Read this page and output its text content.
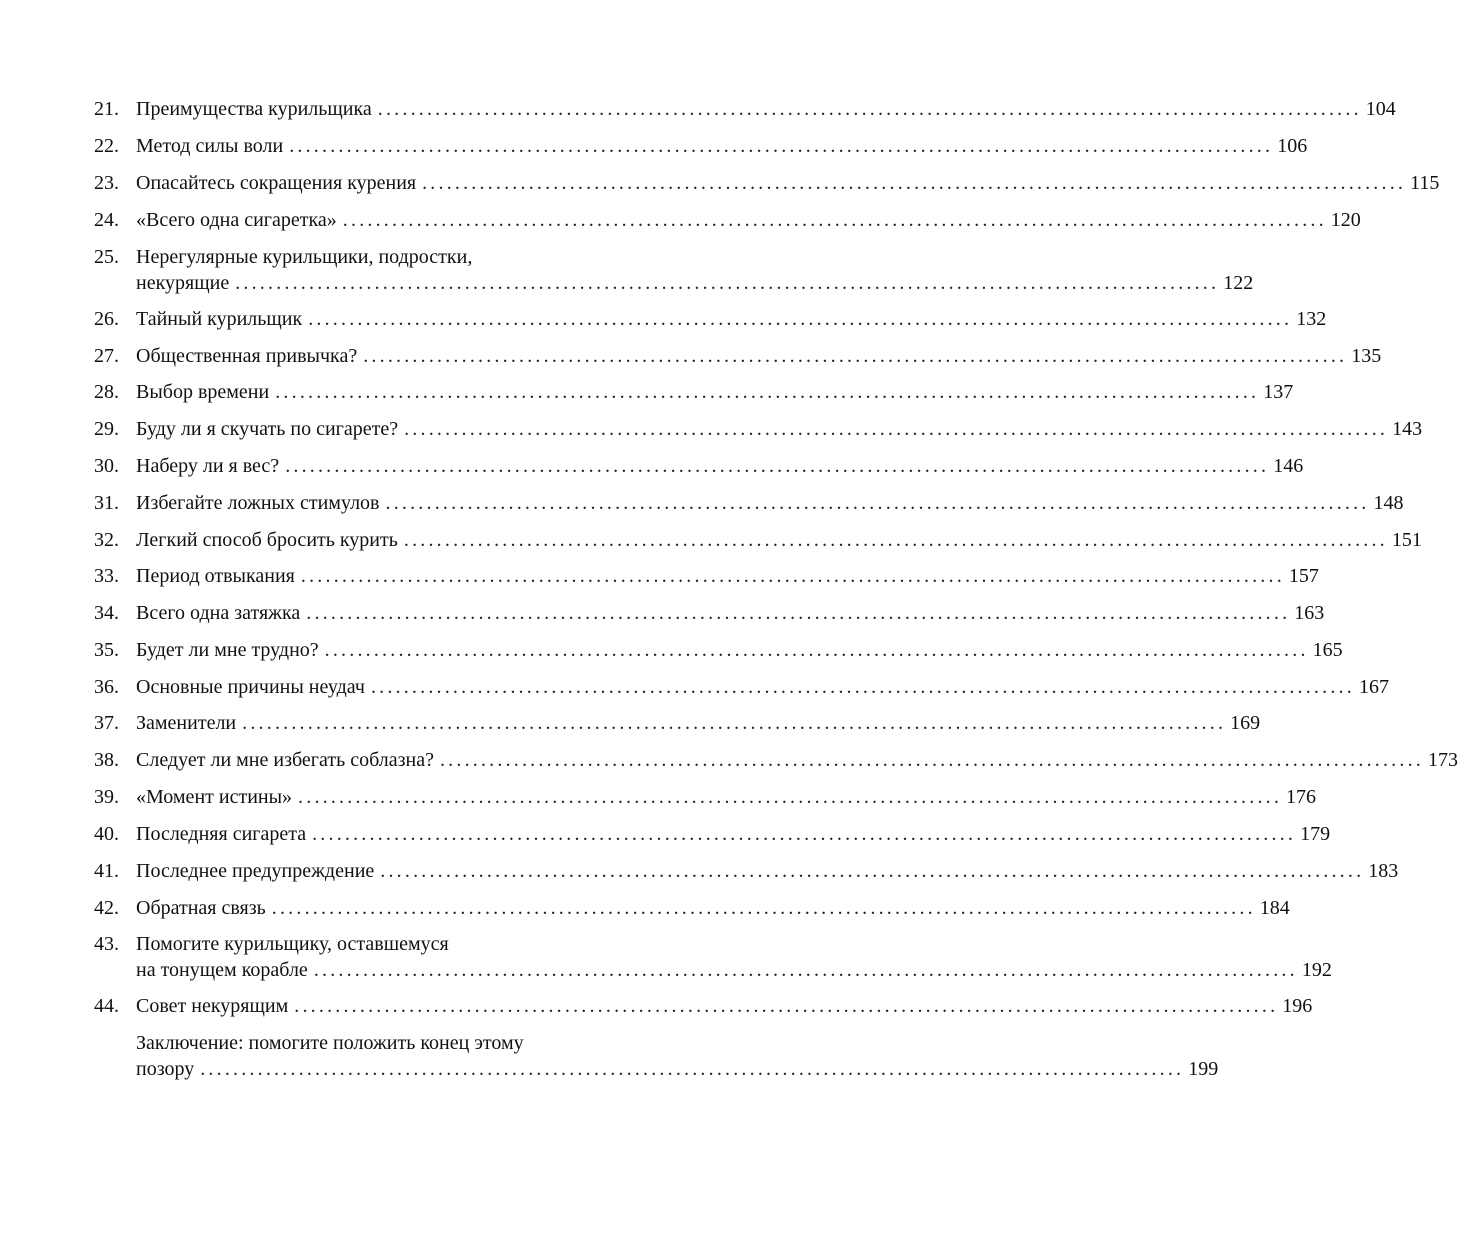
21. Преимущества курильщика ........................................................................................................................ 104
22. Метод силы воли ........................................................................................................................ 106
23. Опасайтесь сокращения курения ........................................................................................................................ 115
24. «Всего одна сигаретка» ........................................................................................................................ 120
25. Нерегулярные курильщики, подростки,
некурящие ........................................................................................................................ 122
26. Тайный курильщик ........................................................................................................................ 132
27. Общественная привычка? ........................................................................................................................ 135
28. Выбор времени ........................................................................................................................ 137
29. Буду ли я скучать по сигарете? ........................................................................................................................ 143
30. Наберу ли я вес? ........................................................................................................................ 146
31. Избегайте ложных стимулов ........................................................................................................................ 148
32. Легкий способ бросить курить ........................................................................................................................ 151
33. Период отвыкания ........................................................................................................................ 157
34. Всего одна затяжка ........................................................................................................................ 163
35. Будет ли мне трудно? ........................................................................................................................ 165
36. Основные причины неудач ........................................................................................................................ 167
37. Заменители ........................................................................................................................ 169
38. Следует ли мне избегать соблазна? ........................................................................................................................ 173
39. «Момент истины» ........................................................................................................................ 176
40. Последняя сигарета ........................................................................................................................ 179
41. Последнее предупреждение ........................................................................................................................ 183
42. Обратная связь ........................................................................................................................ 184
43. Помогите курильщику, оставшемуся
на тонущем корабле ........................................................................................................................ 192
44. Совет некурящим ........................................................................................................................ 196
Заключение: помогите положить конец этому
позору ........................................................................................................................ 199
